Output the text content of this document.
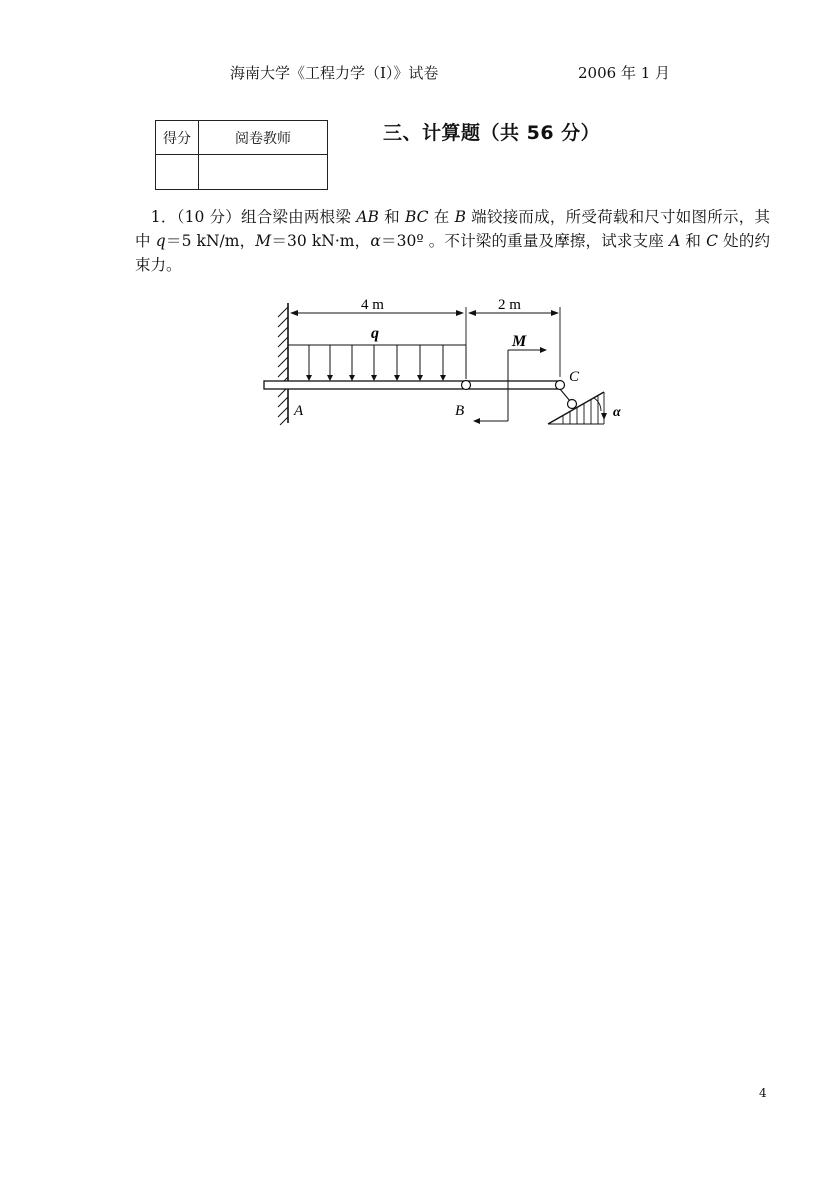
海南大学《工程力学（I）》试卷	2006 年 1 月
得分	阅卷教师
		三、计算题（共 56 分）
　1．（10 分）组合梁由两根梁 AB 和 BC 在 B 端铰接而成，所受荷载和尺寸如图所示，其中 q＝5 kN/m，M＝30 kN·m，α＝30º 。不计梁的重量及摩擦，试求支座 A 和 C 处的约束力。
4 m	2 m
q	M
α
A	B
C
4
